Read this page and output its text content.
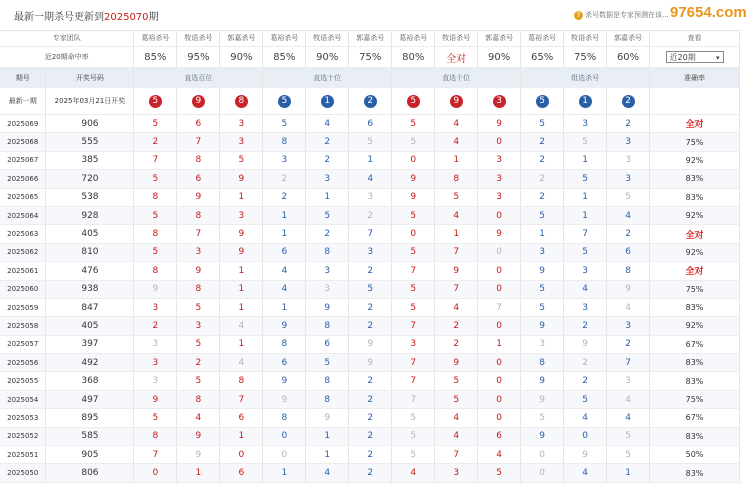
最新一期杀号更新到2025070期	? 杀号数据是专家预测在该... 97654.com
专家团队		葛裕杀号	牧语杀号	郭嘉杀号	葛裕杀号	牧语杀号	郭嘉杀号	葛裕杀号	牧语杀号	郭嘉杀号	葛裕杀号	牧语杀号	郭嘉杀号	查看
近20期命中率		85%	95%	90%	85%	90%	75%	80%	全对	90%	65%	75%	60%	近20期 ▾

期号	开奖号码	直选百位			直选十位			直选个位			组选杀号			准确率
最新一期	2025年03月21日开奖	5	9	8	5	1	2	5	9	3	5	1	2	
2025069	906	5	6	3	5	4	6	5	4	9	5	3	2	全对
2025068	555	2	7	3	8	2	5	5	4	0	2	5	3	75%
2025067	385	7	8	5	3	2	1	0	1	3	2	1	3	92%
2025066	720	5	6	9	2	3	4	9	8	3	2	5	3	83%
2025065	538	8	9	1	2	1	3	9	5	3	2	1	5	83%
2025064	928	5	8	3	1	5	2	5	4	0	5	1	4	92%
2025063	405	8	7	9	1	2	7	0	1	9	1	7	2	全对
2025062	810	5	3	9	6	8	3	5	7	0	3	5	6	92%
2025061	476	8	9	1	4	3	2	7	9	0	9	3	8	全对
2025060	938	9	8	1	4	3	5	5	7	0	5	4	9	75%
2025059	847	3	5	1	1	9	2	5	4	7	5	3	4	83%
2025058	405	2	3	4	9	8	2	7	2	0	9	2	3	92%
2025057	397	3	5	1	8	6	9	3	2	1	3	9	2	67%
2025056	492	3	2	4	6	5	9	7	9	0	8	2	7	83%
2025055	368	3	5	8	9	8	2	7	5	0	9	2	3	83%
2025054	497	9	8	7	9	8	2	7	5	0	9	5	4	75%
2025053	895	5	4	6	8	9	2	5	4	0	5	4	4	67%
2025052	585	8	9	1	0	1	2	5	4	6	9	0	5	83%
2025051	905	7	9	0	0	1	2	5	7	4	0	9	5	50%
2025050	806	0	1	6	1	4	2	4	3	5	0	4	1	83%
